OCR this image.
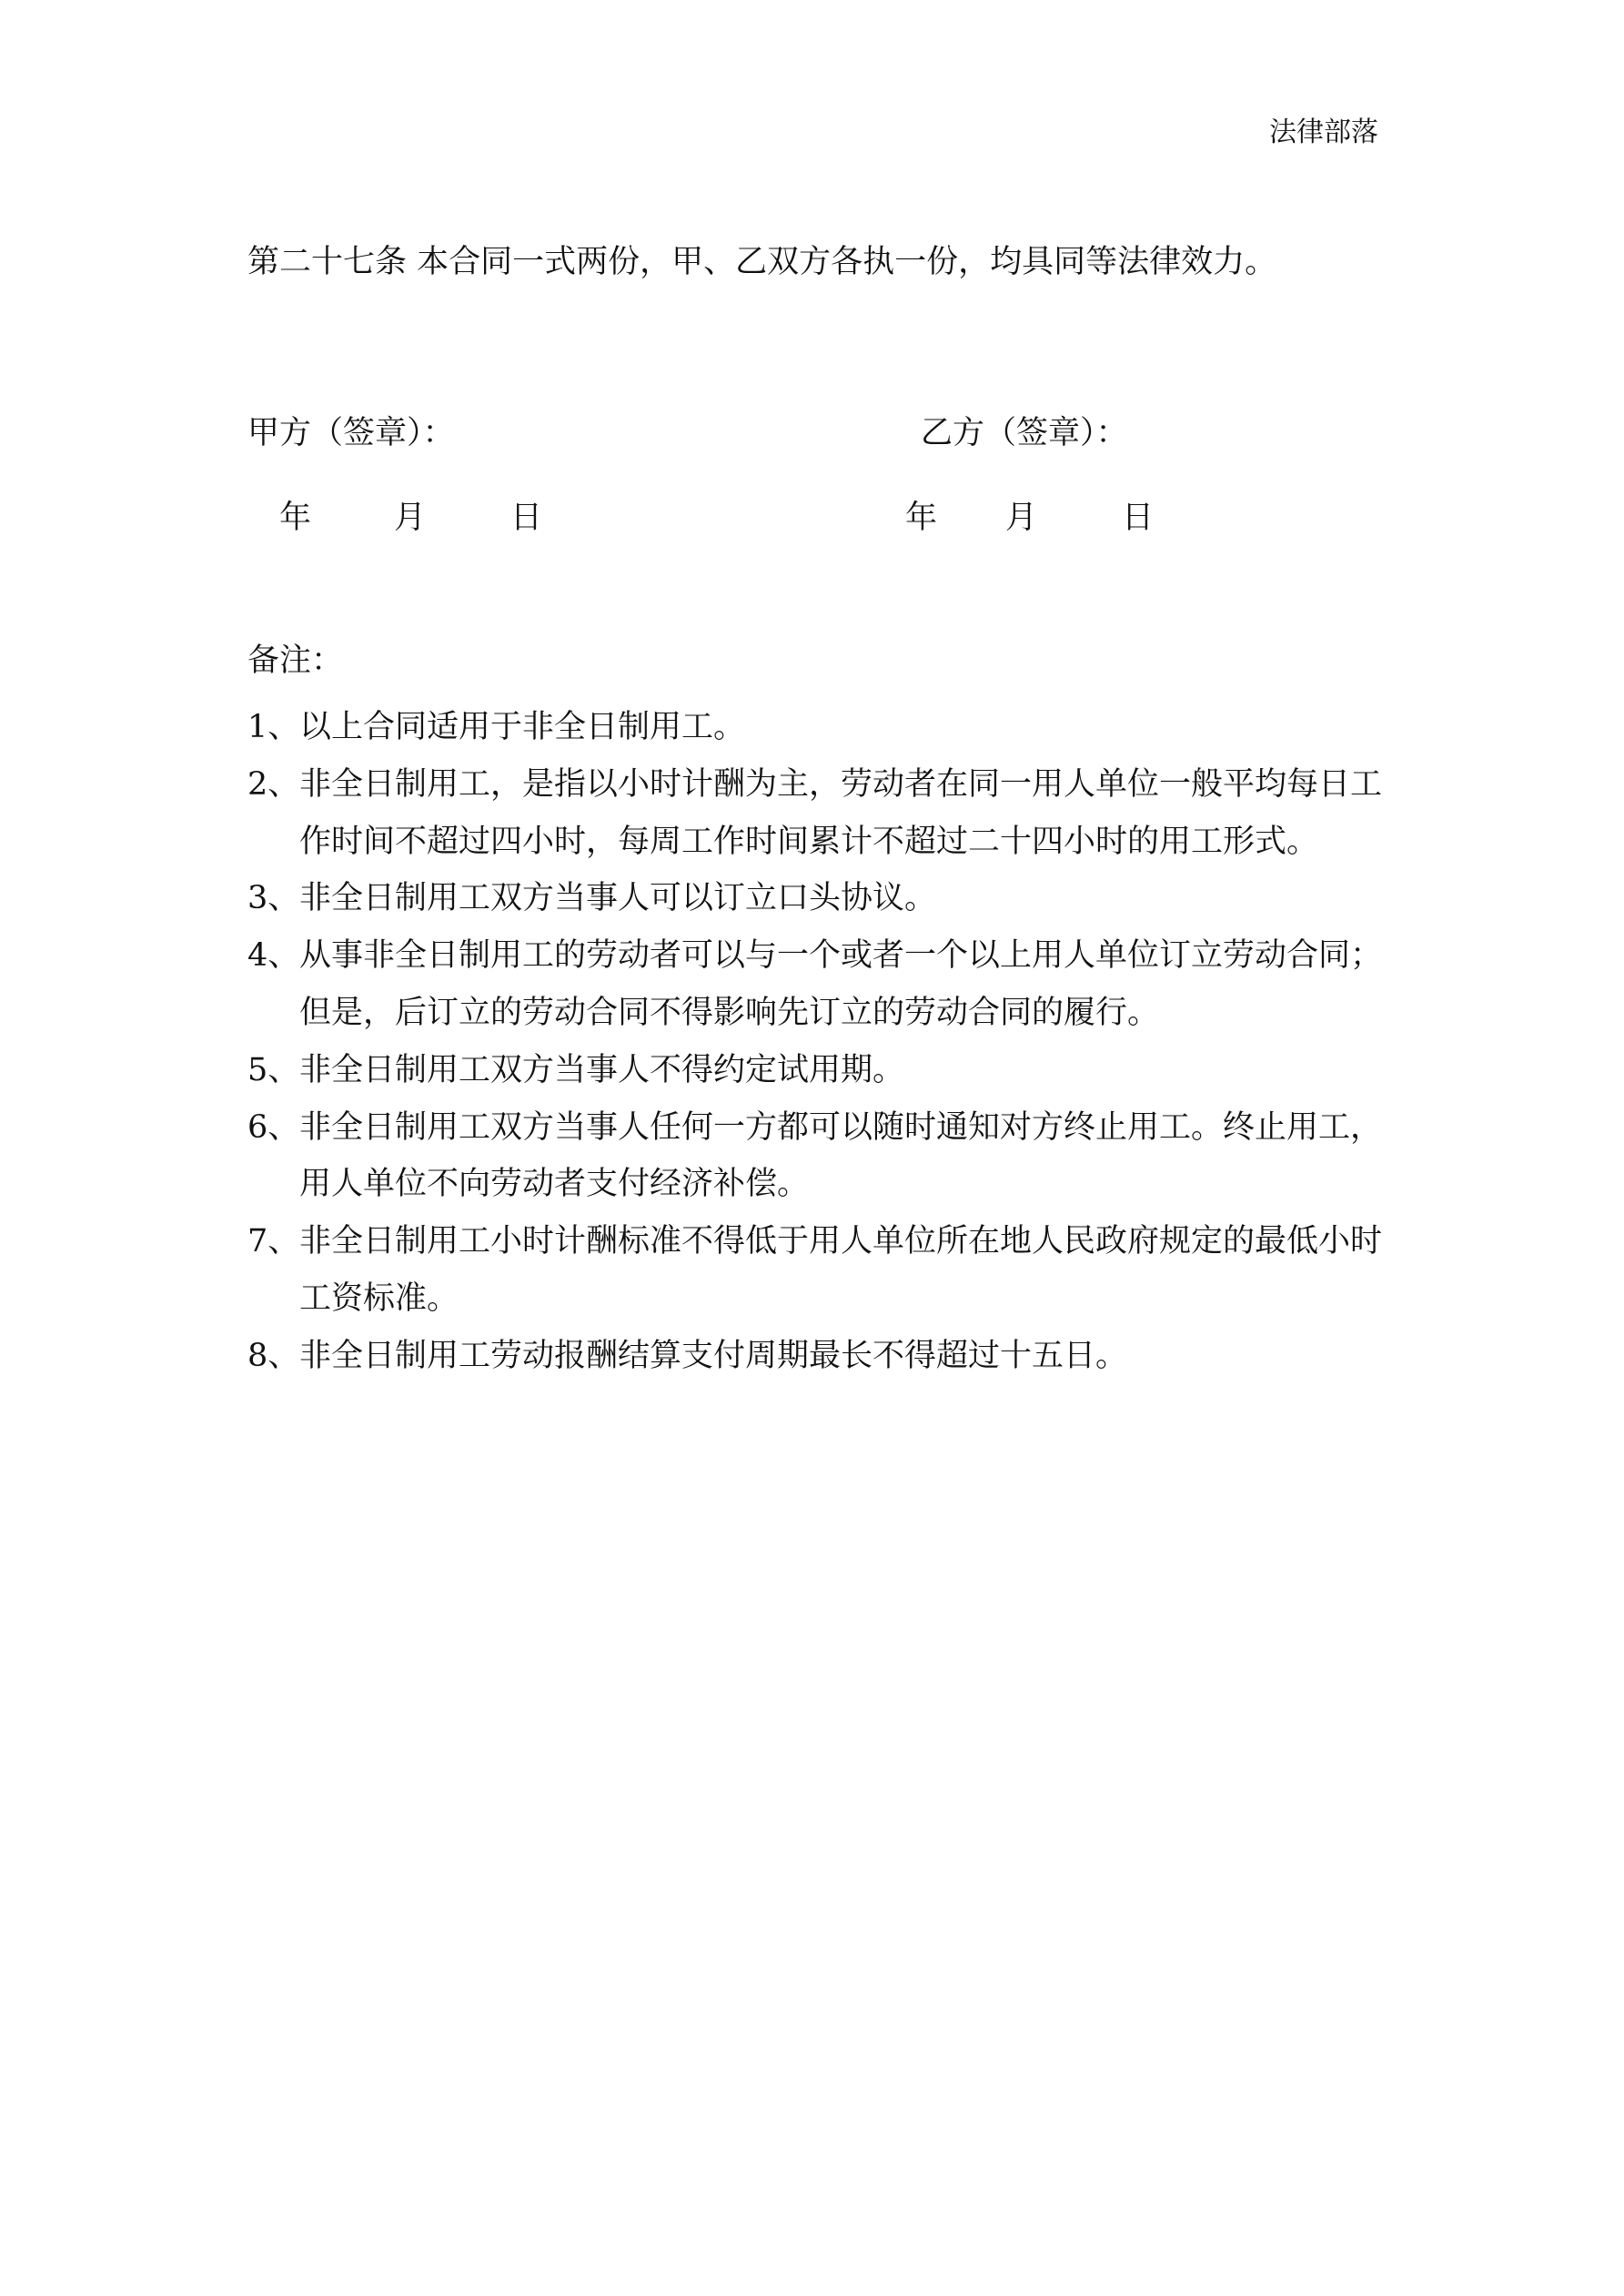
法律部落
第二十七条 本合同一式两份，甲、乙双方各执一份，均具同等法律效力。
甲方（签章）：	乙方（签章）：
年	月	日	年 月	日
备注：
1、 以上合同适用于非全日制用工。
2、 非全日制用工，是指以小时计酬为主，劳动者在同一用人单位一般平均每日工作时间不超过四小时，每周工作时间累计不超过二十四小时的用工形式。
3、 非全日制用工双方当事人可以订立口头协议。
4、 从事非全日制用工的劳动者可以与一个或者一个以上用人单位订立劳动合同；但是，后订立的劳动合同不得影响先订立的劳动合同的履行。
5、 非全日制用工双方当事人不得约定试用期。
6、 非全日制用工双方当事人任何一方都可以随时通知对方终止用工。终止用工，用人单位不向劳动者支付经济补偿。
7、 非全日制用工小时计酬标准不得低于用人单位所在地人民政府规定的最低小时工资标准。
8、 非全日制用工劳动报酬结算支付周期最长不得超过十五日。
